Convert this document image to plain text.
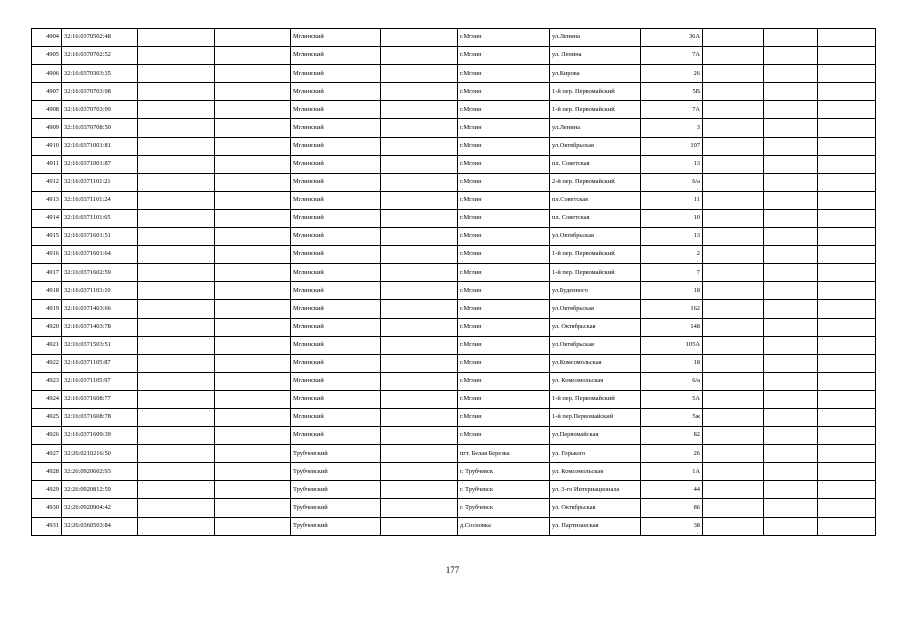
4904	32:16:0370502:48			Мглинский		г.Мглин	ул.Ленина	36А			
4905	32:16:0370702:52			Мглинский		г.Мглин	ул. Ленина	7А			
4906	32:16:0370303:35			Мглинский		г.Мглин	ул.Кирова	26			
4907	32:16:0370703:98			Мглинский		г.Мглин	1-й пер. Первомайский	5В			
4908	32:16:0370703:99			Мглинский		г.Мглин	1-й пер. Первомайский	7А			
4909	32:16:0370708:50			Мглинский		г.Мглин	ул.Ленина	3			
4910	32:16:0371001:81			Мглинский		г.Мглин	ул.Октябрьская	107			
4911	32:16:0371001:87			Мглинский		г.Мглин	пл. Советская	13			
4912	32:16:0371101:21			Мглинский		г.Мглин	2-й пер. Первомайский	6/а			
4913	32:16:0371101:24			Мглинский		г.Мглин	пл.Советская	11			
4914	32:16:0371101:65			Мглинский		г.Мглин	пл. Советская	10			
4915	32:16:0371601:51			Мглинский		г.Мглин	ул.Октябрьская	13			
4916	32:16:0371601:64			Мглинский		г.Мглин	1-й пер. Первомайский	2			
4917	32:16:0371602:59			Мглинский		г.Мглин	1-й пер. Первомайский	7			
4918	32:16:0371103:10			Мглинский		г.Мглин	ул.Буденного	18			
4919	32:16:0371403:66			Мглинский		г.Мглин	ул.Октябрьская	162			
4920	32:16:0371403:78			Мглинский		г.Мглин	ул. Октябрьская	148			
4921	32:16:0371503:51			Мглинский		г.Мглин	ул.Октябрьская	105А			
4922	32:16:0371105:87			Мглинский		г.Мглин	ул.Комсомольская	18			
4923	32:16:0371105:97			Мглинский		г.Мглин	ул. Комсомольская	6/а			
4924	32:16:0371608:77			Мглинский		г.Мглин	1-й пер. Первомайский	5А			
4925	32:16:0371608:78			Мглинский		г.Мглин	1-й пер.Первомайский	5ж			
4926	32:16:0371609:39			Мглинский		г.Мглин	ул.Первомайская	82			
4927	32:26:0210216:50			Трубчевский		пгт. Белая Березка	ул. Горького	26			
4928	32:26:0920602:93			Трубчевский		г. Трубчевск	ул. Комсомольская	1А			
4929	32:26:0920812:59			Трубчевский		г. Трубчевск	ул. 3-го Интернационала	44			
4930	32:26:0920904:42			Трубчевский		г. Трубчевск	ул. Октябрьская	86			
4931	32:26:0360503:84			Трубчевский		д.Сосновка	ул. Партизанская	38			
177
